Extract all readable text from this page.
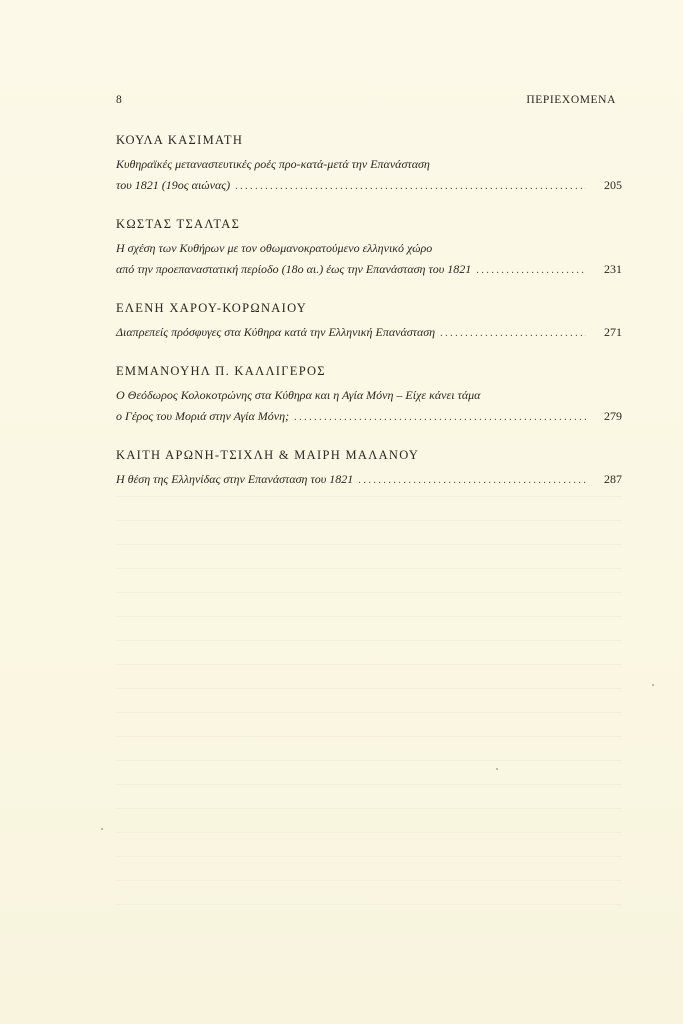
8	ΠΕΡΙΕΧΟΜΕΝΑ
ΚΟΥΛΑ ΚΑΣΙΜΑΤΗ
Κυθηραϊκές μεταναστευτικές ροές προ-κατά-μετά την Επανάσταση
του 1821 (19ος αιώνας) . . .	205
ΚΩΣΤΑΣ ΤΣΑΛΤΑΣ
Η σχέση των Κυθήρων με τον οθωμανοκρατούμενο ελληνικό χώρο
από την προεπαναστατική περίοδο (18ο αι.) έως την Επανάσταση του 1821 . . .	231
ΕΛΕΝΗ ΧΑΡΟΥ-ΚΟΡΩΝΑΙΟΥ
Διαπρεπείς πρόσφυγες στα Κύθηρα κατά την Ελληνική Επανάσταση . . .	271
ΕΜΜΑΝΟΥΗΛ Π. ΚΑΛΛΙΓΕΡΟΣ
Ο Θεόδωρος Κολοκοτρώνης στα Κύθηρα και η Αγία Μόνη – Είχε κάνει τάμα
ο Γέρος του Μοριά στην Αγία Μόνη; . . .	279
ΚΑΙΤΗ ΑΡΩΝΗ-ΤΣΙΧΛΗ & ΜΑΙΡΗ ΜΑΛΑΝΟΥ
Η θέση της Ελληνίδας στην Επανάσταση του 1821 . . .	287
